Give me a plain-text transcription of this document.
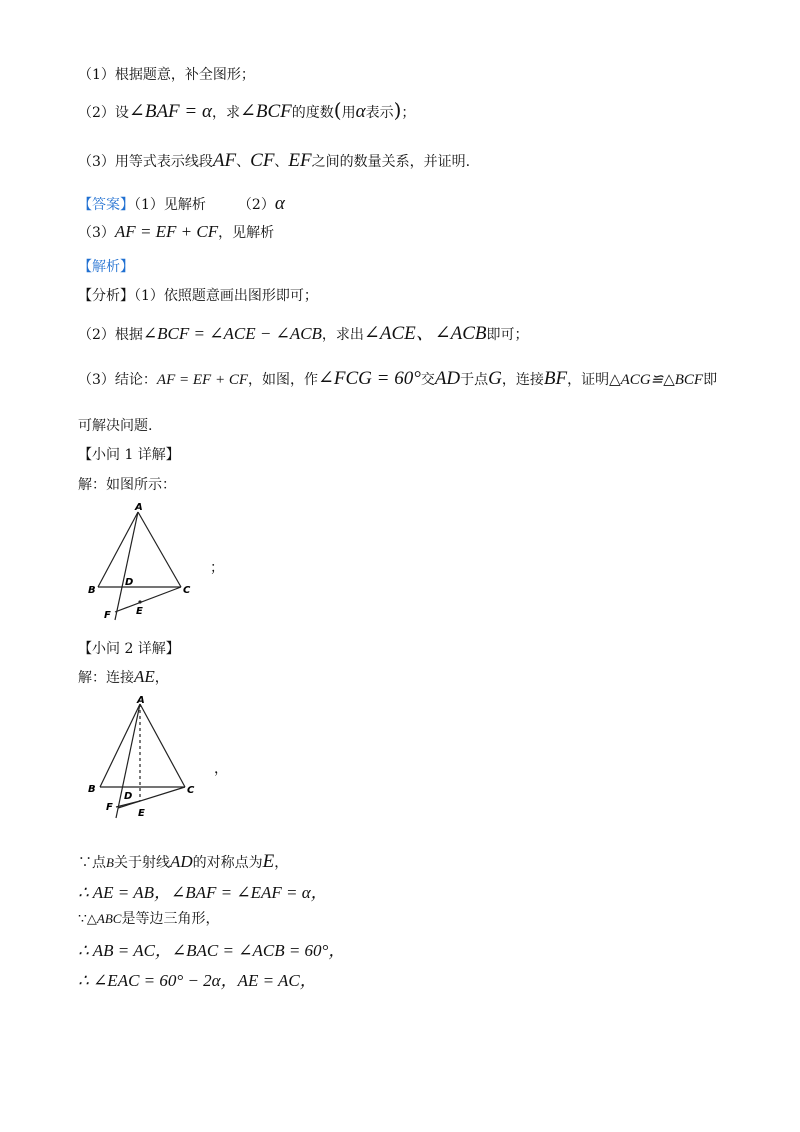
（1）根据题意，补全图形；
（2）设∠BAF = α，求∠BCF的度数(用α表示)；
（3）用等式表示线段AF、CF、EF之间的数量关系，并证明.
【答案】（1）见解析 （2）α
（3）AF = EF + CF，见解析
【解析】
【分析】（1）依照题意画出图形即可；
（2）根据∠BCF = ∠ACE − ∠ACB，求出∠ACE、∠ACB即可；
（3）结论：AF = EF + CF，如图，作∠FCG = 60°交AD于点G，连接BF，证明△ACG≌△BCF即
可解决问题.
【小问 1 详解】
解：如图所示：
A
B	C
D
E
F
；
【小问 2 详解】
解：连接AE，
A
B	C
D
E
F
，
∵点B关于射线AD的对称点为E，
∴ AE = AB，∠BAF = ∠EAF = α，
∵△ABC是等边三角形，
∴ AB = AC，∠BAC = ∠ACB = 60°，
∴ ∠EAC = 60° − 2α，AE = AC，
